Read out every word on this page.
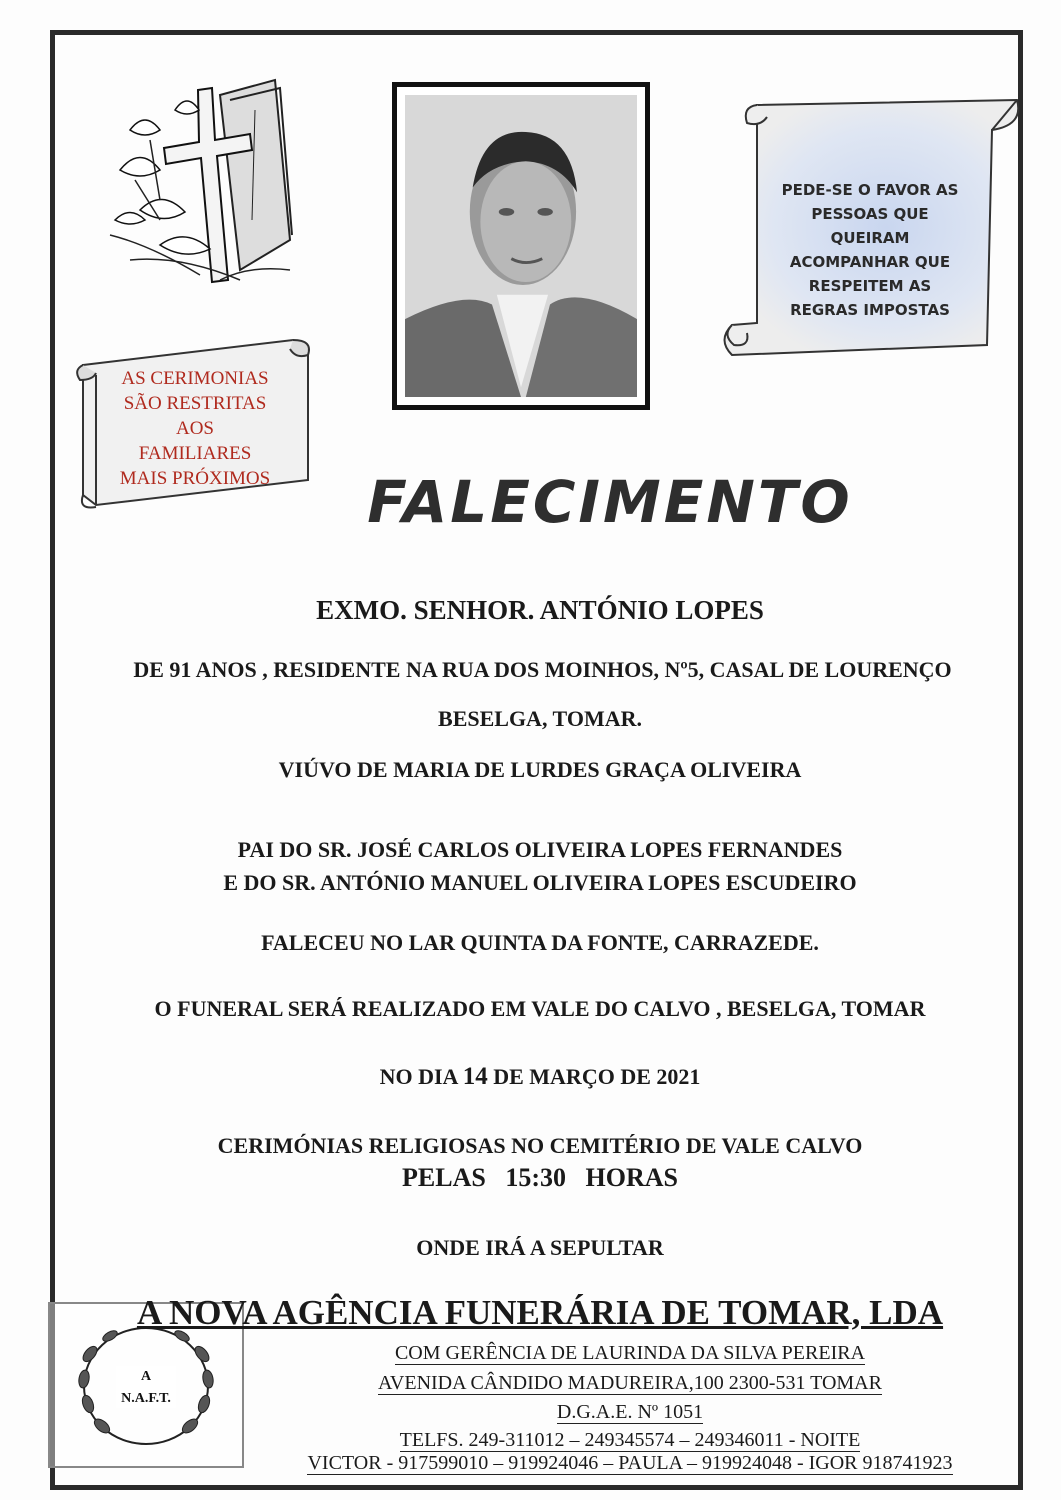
PEDE-SE O FAVOR AS
PESSOAS QUE
QUEIRAM
ACOMPANHAR QUE
RESPEITEM AS
REGRAS IMPOSTAS
AS CERIMONIAS
SÃO RESTRITAS
AOS
FAMILIARES
MAIS PRÓXIMOS	FALECIMENTO
EXMO. SENHOR. ANTÓNIO LOPES
DE 91 ANOS , RESIDENTE NA RUA DOS MOINHOS, Nº5, CASAL DE LOURENÇO
BESELGA, TOMAR.
VIÚVO DE MARIA DE LURDES GRAÇA OLIVEIRA
PAI DO SR. JOSÉ CARLOS OLIVEIRA LOPES FERNANDES
E DO SR. ANTÓNIO MANUEL OLIVEIRA LOPES ESCUDEIRO
FALECEU NO LAR QUINTA DA FONTE, CARRAZEDE.
O FUNERAL SERÁ REALIZADO EM VALE DO CALVO , BESELGA, TOMAR
NO DIA 14 DE MARÇO DE 2021
CERIMÓNIAS RELIGIOSAS NO CEMITÉRIO DE VALE CALVO
PELAS   15:30   HORAS
ONDE IRÁ A SEPULTAR
A
N.A.F.T.
A NOVA AGÊNCIA FUNERÁRIA DE TOMAR, LDA
COM GERÊNCIA DE LAURINDA DA SILVA PEREIRA
AVENIDA CÂNDIDO MADUREIRA,100 2300-531 TOMAR
D.G.A.E. Nº 1051
TELFS. 249-311012 – 249345574 – 249346011 - NOITE
VICTOR - 917599010 – 919924046 – PAULA – 919924048 - IGOR 918741923
